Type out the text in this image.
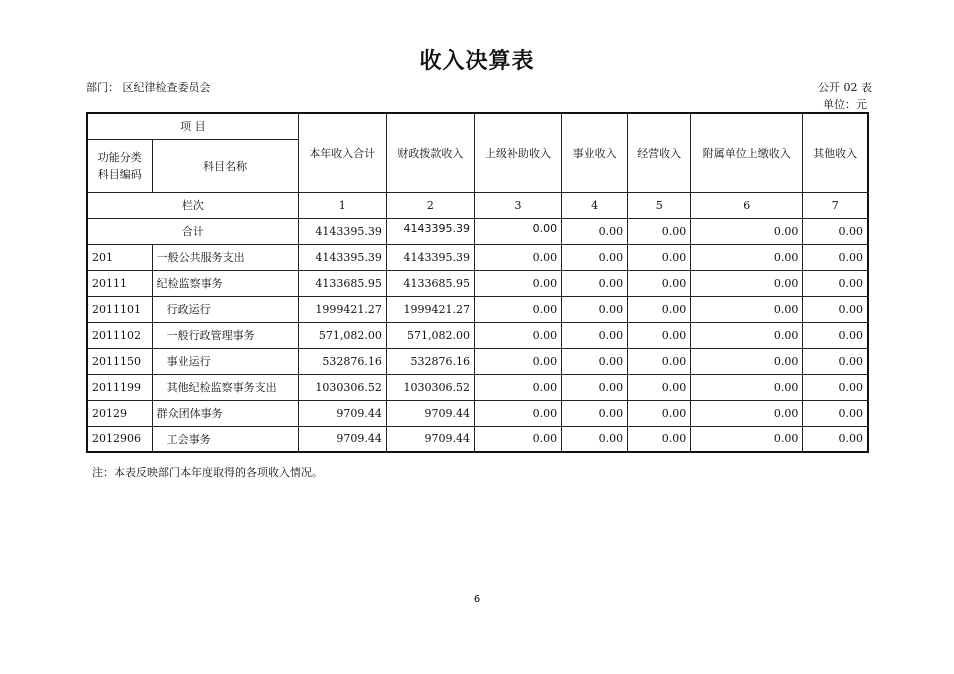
收入决算表
部门： 区纪律检查委员会	公开 02 表
单位：元
项 目		本年收入合计	财政拨款收入	上级补助收入	事业收入	经营收入	附属单位上缴收入	其他收入
功能分类
科目编码	科目名称							
栏次		1	2	3	4	5	6	7
合计		4143395.39	4143395.39	0.00	0.00	0.00	0.00	0.00
201	一般公共服务支出	4143395.39	4143395.39	0.00	0.00	0.00	0.00	0.00
20111	纪检监察事务	4133685.95	4133685.95	0.00	0.00	0.00	0.00	0.00
2011101	行政运行	1999421.27	1999421.27	0.00	0.00	0.00	0.00	0.00
2011102	一般行政管理事务	571,082.00	571,082.00	0.00	0.00	0.00	0.00	0.00
2011150	事业运行	532876.16	532876.16	0.00	0.00	0.00	0.00	0.00
2011199	其他纪检监察事务支出	1030306.52	1030306.52	0.00	0.00	0.00	0.00	0.00
20129	群众团体事务	9709.44	9709.44	0.00	0.00	0.00	0.00	0.00
2012906	工会事务	9709.44	9709.44	0.00	0.00	0.00	0.00	0.00
注：本表反映部门本年度取得的各项收入情况。
6
